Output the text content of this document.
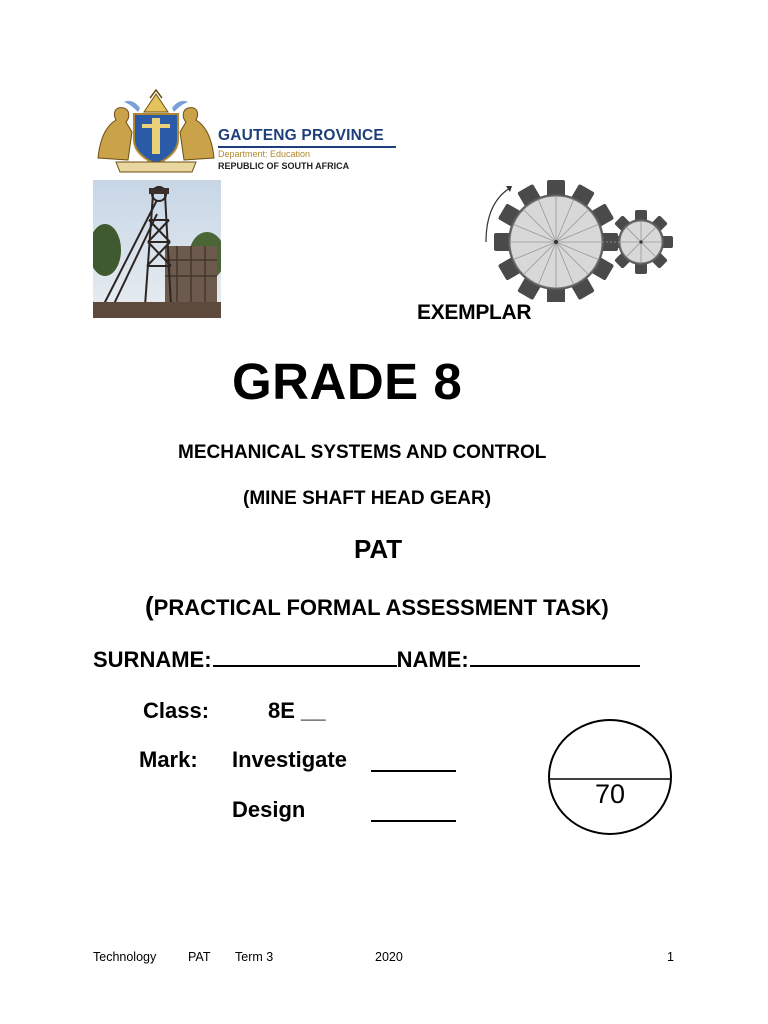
GAUTENG PROVINCE
Department: Education
REPUBLIC OF SOUTH AFRICA
EXEMPLAR
GRADE 8
MECHANICAL SYSTEMS AND CONTROL
(MINE SHAFT HEAD GEAR)
PAT
(PRACTICAL FORMAL ASSESSMENT TASK)
SURNAME:	NAME:
Class:	8E __
Mark: Investigate
Design
70
Technology	PAT Term 3	2020	1
